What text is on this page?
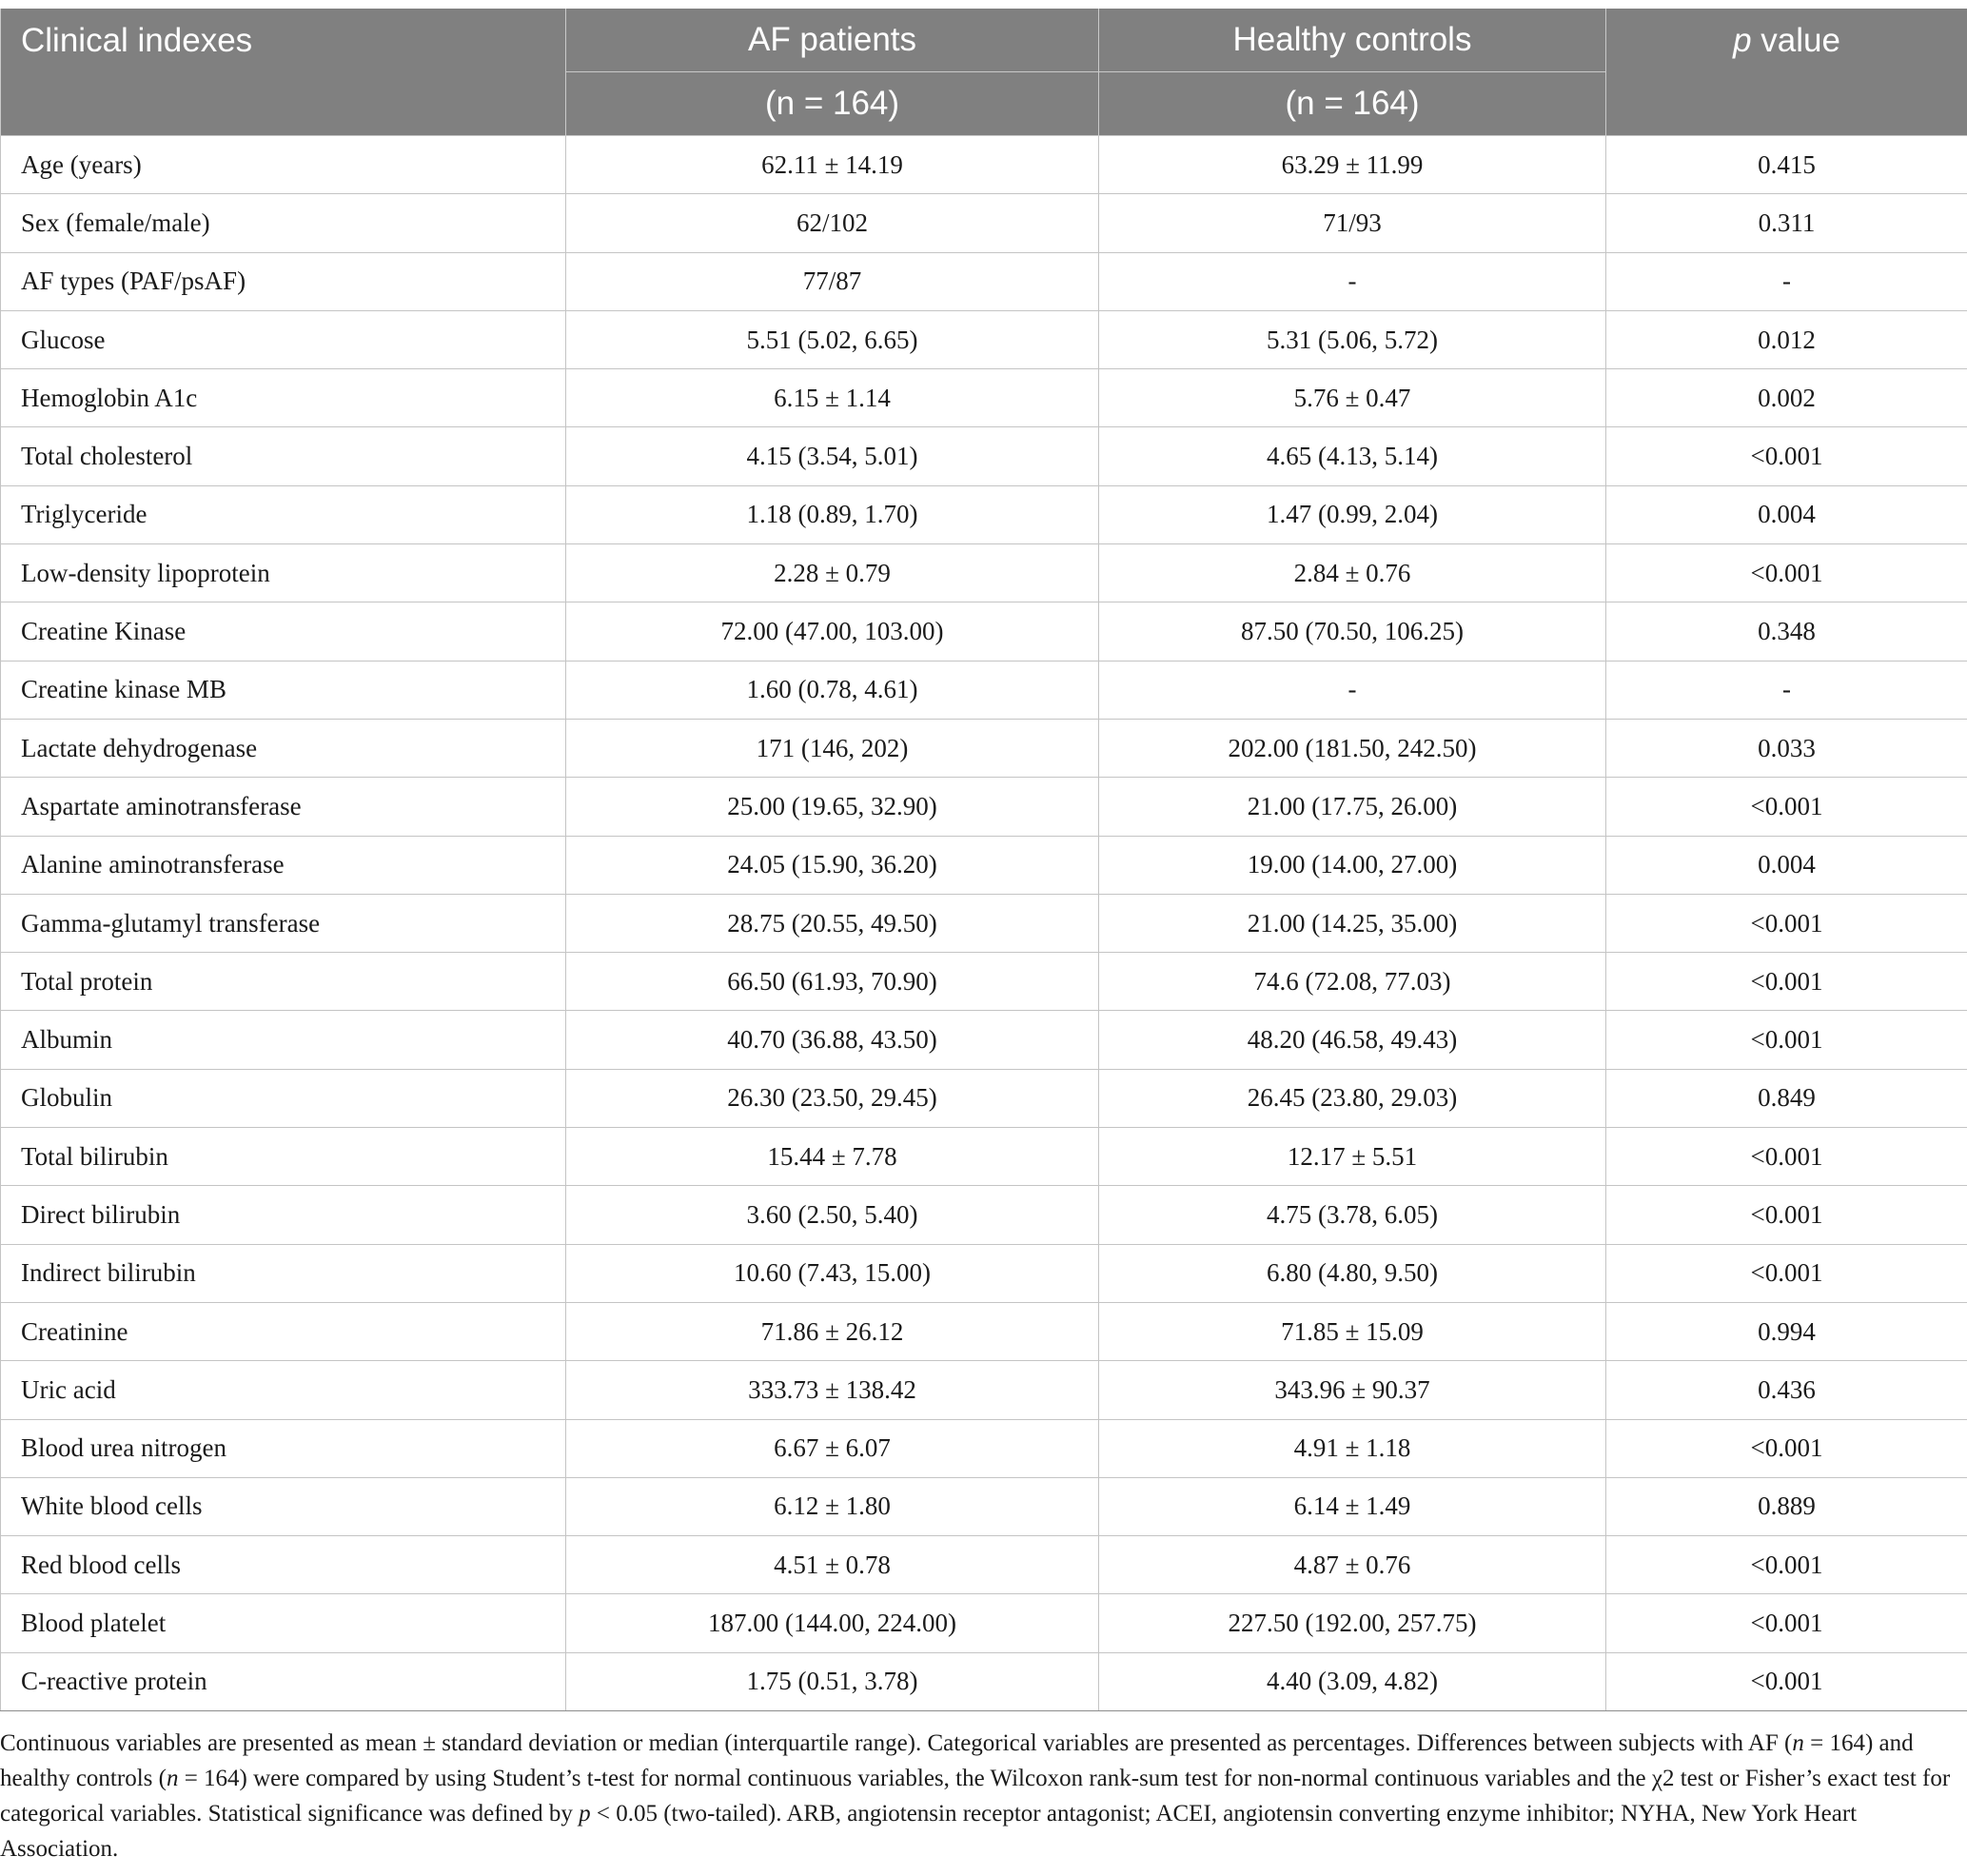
Clinical indexes	AF patients	Healthy controls	p value
	(n = 164)	(n = 164)	
Age (years)	62.11 ± 14.19	63.29 ± 11.99	0.415
Sex (female/male)	62/102	71/93	0.311
AF types (PAF/psAF)	77/87	-	-
Glucose	5.51 (5.02, 6.65)	5.31 (5.06, 5.72)	0.012
Hemoglobin A1c	6.15 ± 1.14	5.76 ± 0.47	0.002
Total cholesterol	4.15 (3.54, 5.01)	4.65 (4.13, 5.14)	<0.001
Triglyceride	1.18 (0.89, 1.70)	1.47 (0.99, 2.04)	0.004
Low-density lipoprotein	2.28 ± 0.79	2.84 ± 0.76	<0.001
Creatine Kinase	72.00 (47.00, 103.00)	87.50 (70.50, 106.25)	0.348
Creatine kinase MB	1.60 (0.78, 4.61)	-	-
Lactate dehydrogenase	171 (146, 202)	202.00 (181.50, 242.50)	0.033
Aspartate aminotransferase	25.00 (19.65, 32.90)	21.00 (17.75, 26.00)	<0.001
Alanine aminotransferase	24.05 (15.90, 36.20)	19.00 (14.00, 27.00)	0.004
Gamma-glutamyl transferase	28.75 (20.55, 49.50)	21.00 (14.25, 35.00)	<0.001
Total protein	66.50 (61.93, 70.90)	74.6 (72.08, 77.03)	<0.001
Albumin	40.70 (36.88, 43.50)	48.20 (46.58, 49.43)	<0.001
Globulin	26.30 (23.50, 29.45)	26.45 (23.80, 29.03)	0.849
Total bilirubin	15.44 ± 7.78	12.17 ± 5.51	<0.001
Direct bilirubin	3.60 (2.50, 5.40)	4.75 (3.78, 6.05)	<0.001
Indirect bilirubin	10.60 (7.43, 15.00)	6.80 (4.80, 9.50)	<0.001
Creatinine	71.86 ± 26.12	71.85 ± 15.09	0.994
Uric acid	333.73 ± 138.42	343.96 ± 90.37	0.436
Blood urea nitrogen	6.67 ± 6.07	4.91 ± 1.18	<0.001
White blood cells	6.12 ± 1.80	6.14 ± 1.49	0.889
Red blood cells	4.51 ± 0.78	4.87 ± 0.76	<0.001
Blood platelet	187.00 (144.00, 224.00)	227.50 (192.00, 257.75)	<0.001
C-reactive protein	1.75 (0.51, 3.78)	4.40 (3.09, 4.82)	<0.001

Continuous variables are presented as mean ± standard deviation or median (interquartile range). Categorical variables are presented as percentages. Differences between subjects with AF (n = 164) and healthy controls (n = 164) were compared by using Student’s t-test for normal continuous variables, the Wilcoxon rank-sum test for non-normal continuous variables and the χ2 test or Fisher’s exact test for categorical variables. Statistical significance was defined by p < 0.05 (two-tailed). ARB, angiotensin receptor antagonist; ACEI, angiotensin converting enzyme inhibitor; NYHA, New York Heart Association.
